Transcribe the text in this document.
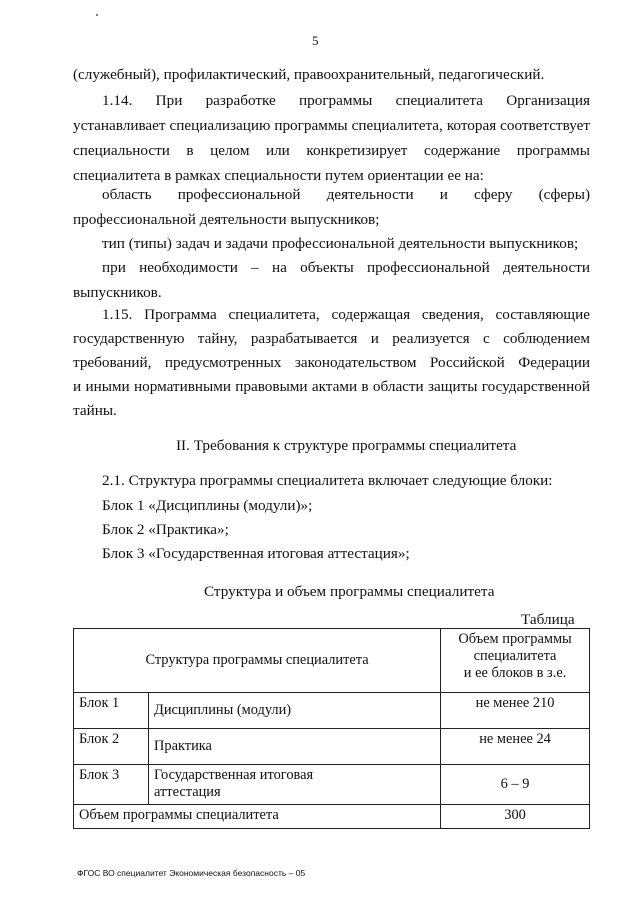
5
(служебный), профилактический, правоохранительный, педагогический.
1.14. При разработке программы специалитета Организация
устанавливает специализацию программы специалитета, которая соответствует
специальности в целом или конкретизирует содержание программы
специалитета в рамках специальности путем ориентации ее на:
область профессиональной деятельности и сферу (сферы)
профессиональной деятельности выпускников;
тип (типы) задач и задачи профессиональной деятельности выпускников;
при необходимости – на объекты профессиональной деятельности
выпускников.
1.15. Программа специалитета, содержащая сведения, составляющие
государственную тайну, разрабатывается и реализуется с соблюдением
требований, предусмотренных законодательством Российской Федерации
и иными нормативными правовыми актами в области защиты государственной
тайны.
II. Требования к структуре программы специалитета
2.1. Структура программы специалитета включает следующие блоки:
Блок 1 «Дисциплины (модули)»;
Блок 2 «Практика»;
Блок 3 «Государственная итоговая аттестация»;
Структура и объем программы специалитета
Таблица
Структура программы специалитета		Объем программы
специалитета
и ее блоков в з.е.

Блок 1	Дисциплины (модули)	не менее 210
Блок 2	Практика	не менее 24
Блок 3	Государственная итоговая
аттестация	6 – 9
Объем программы специалитета		300
ФГОС ВО специалитет Экономическая безопасность – 05
